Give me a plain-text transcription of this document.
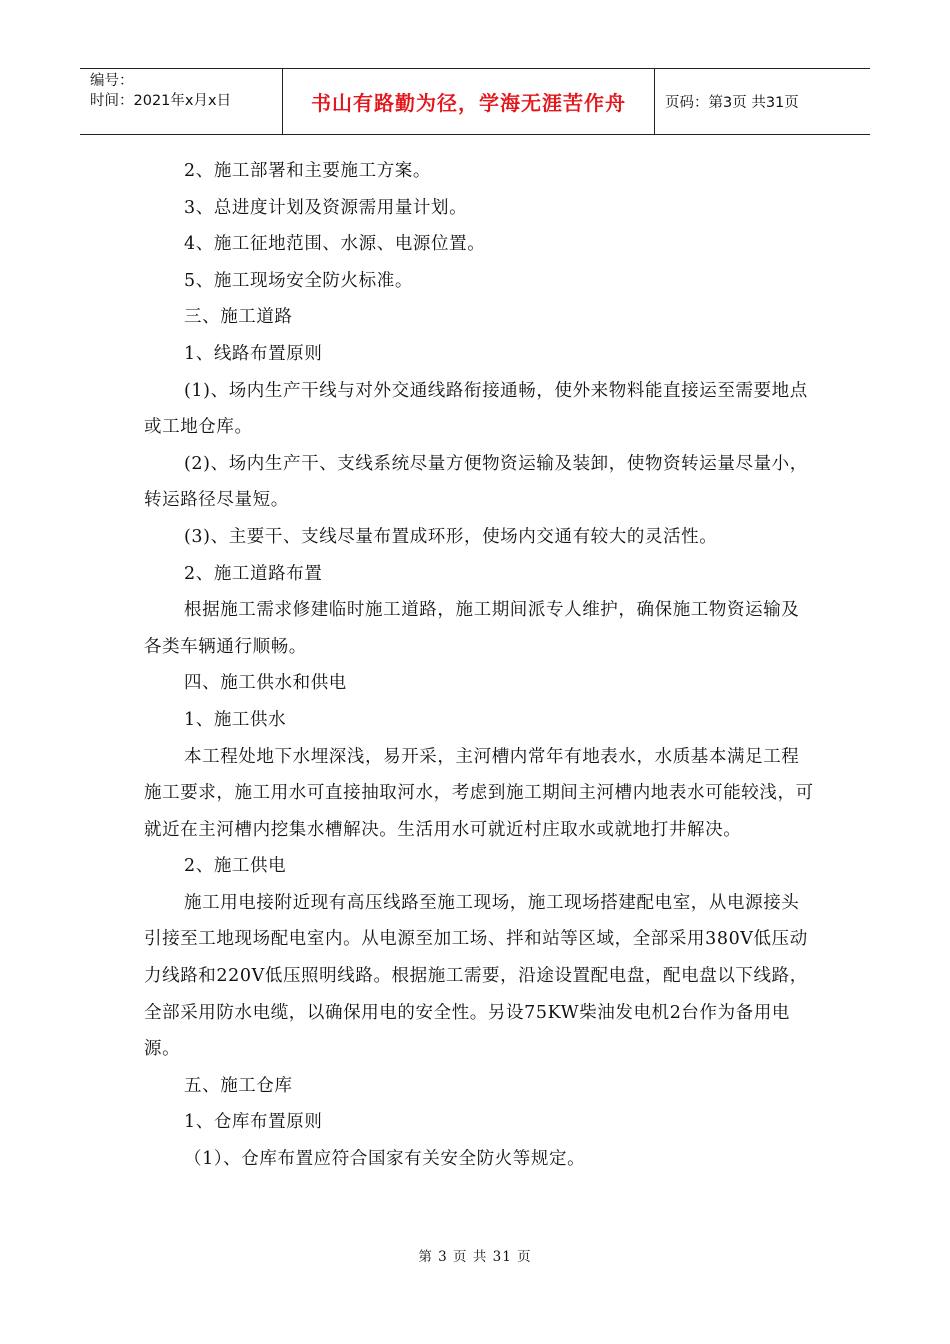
编号：
时间：2021年x月x日	书山有路勤为径，学海无涯苦作舟	页码：第3页 共31页

2、施工部署和主要施工方案。

3、总进度计划及资源需用量计划。

4、施工征地范围、水源、电源位置。

5、施工现场安全防火标准。

三、施工道路

1、线路布置原则

(1)、场内生产干线与对外交通线路衔接通畅，使外来物料能直接运至需要地点或工地仓库。

(2)、场内生产干、支线系统尽量方便物资运输及装卸，使物资转运量尽量小，转运路径尽量短。

(3)、主要干、支线尽量布置成环形，使场内交通有较大的灵活性。

2、施工道路布置

根据施工需求修建临时施工道路，施工期间派专人维护，确保施工物资运输及各类车辆通行顺畅。

四、施工供水和供电

1、施工供水

本工程处地下水埋深浅，易开采，主河槽内常年有地表水，水质基本满足工程施工要求，施工用水可直接抽取河水，考虑到施工期间主河槽内地表水可能较浅，可就近在主河槽内挖集水槽解决。生活用水可就近村庄取水或就地打井解决。

2、施工供电

施工用电接附近现有高压线路至施工现场，施工现场搭建配电室，从电源接头引接至工地现场配电室内。从电源至加工场、拌和站等区域，全部采用380V低压动力线路和220V低压照明线路。根据施工需要，沿途设置配电盘，配电盘以下线路，全部采用防水电缆，以确保用电的安全性。另设75KW柴油发电机2台作为备用电源。

五、施工仓库

1、仓库布置原则

（1）、仓库布置应符合国家有关安全防火等规定。

第 3 页 共 31 页
